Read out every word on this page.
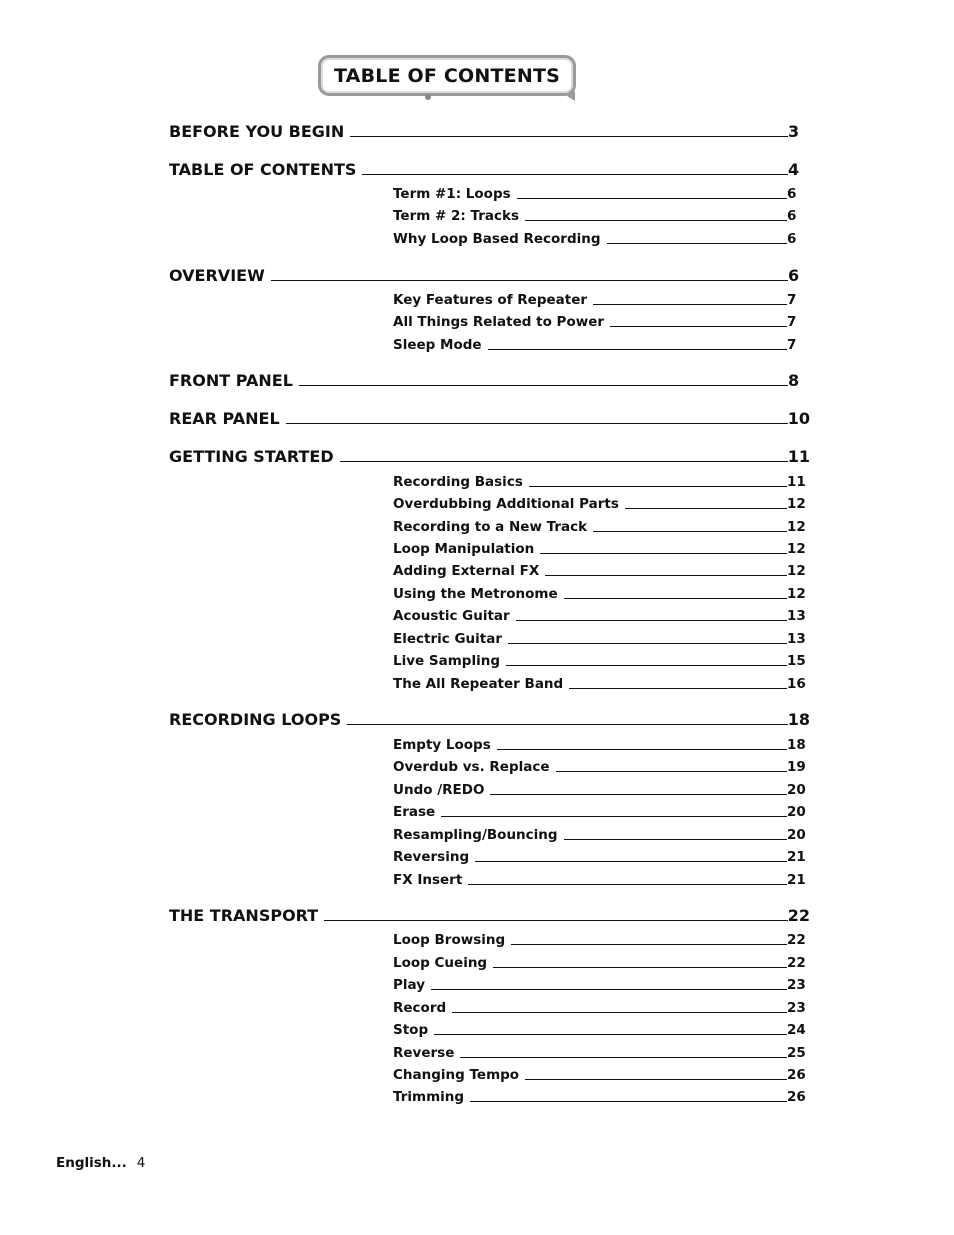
TABLE OF CONTENTS
BEFORE YOU BEGIN	3
TABLE OF CONTENTS	4
Term #1: Loops	6
Term # 2: Tracks	6
Why Loop Based Recording	6
OVERVIEW	6
Key Features of Repeater	7
All Things Related to Power	7
Sleep Mode	7
FRONT PANEL	8
REAR PANEL	10
GETTING STARTED	11
Recording Basics	11
Overdubbing Additional Parts	12
Recording to a New Track	12
Loop Manipulation	12
Adding External FX	12
Using the Metronome	12
Acoustic Guitar	13
Electric Guitar	13
Live Sampling	15
The All Repeater Band	16
RECORDING LOOPS	18
Empty Loops	18
Overdub vs. Replace	19
Undo /REDO	20
Erase	20
Resampling/Bouncing	20
Reversing	21
FX Insert	21
THE TRANSPORT	22
Loop Browsing	22
Loop Cueing	22
Play	23
Record	23
Stop	24
Reverse	25
Changing Tempo	26
Trimming	26
English... 4
